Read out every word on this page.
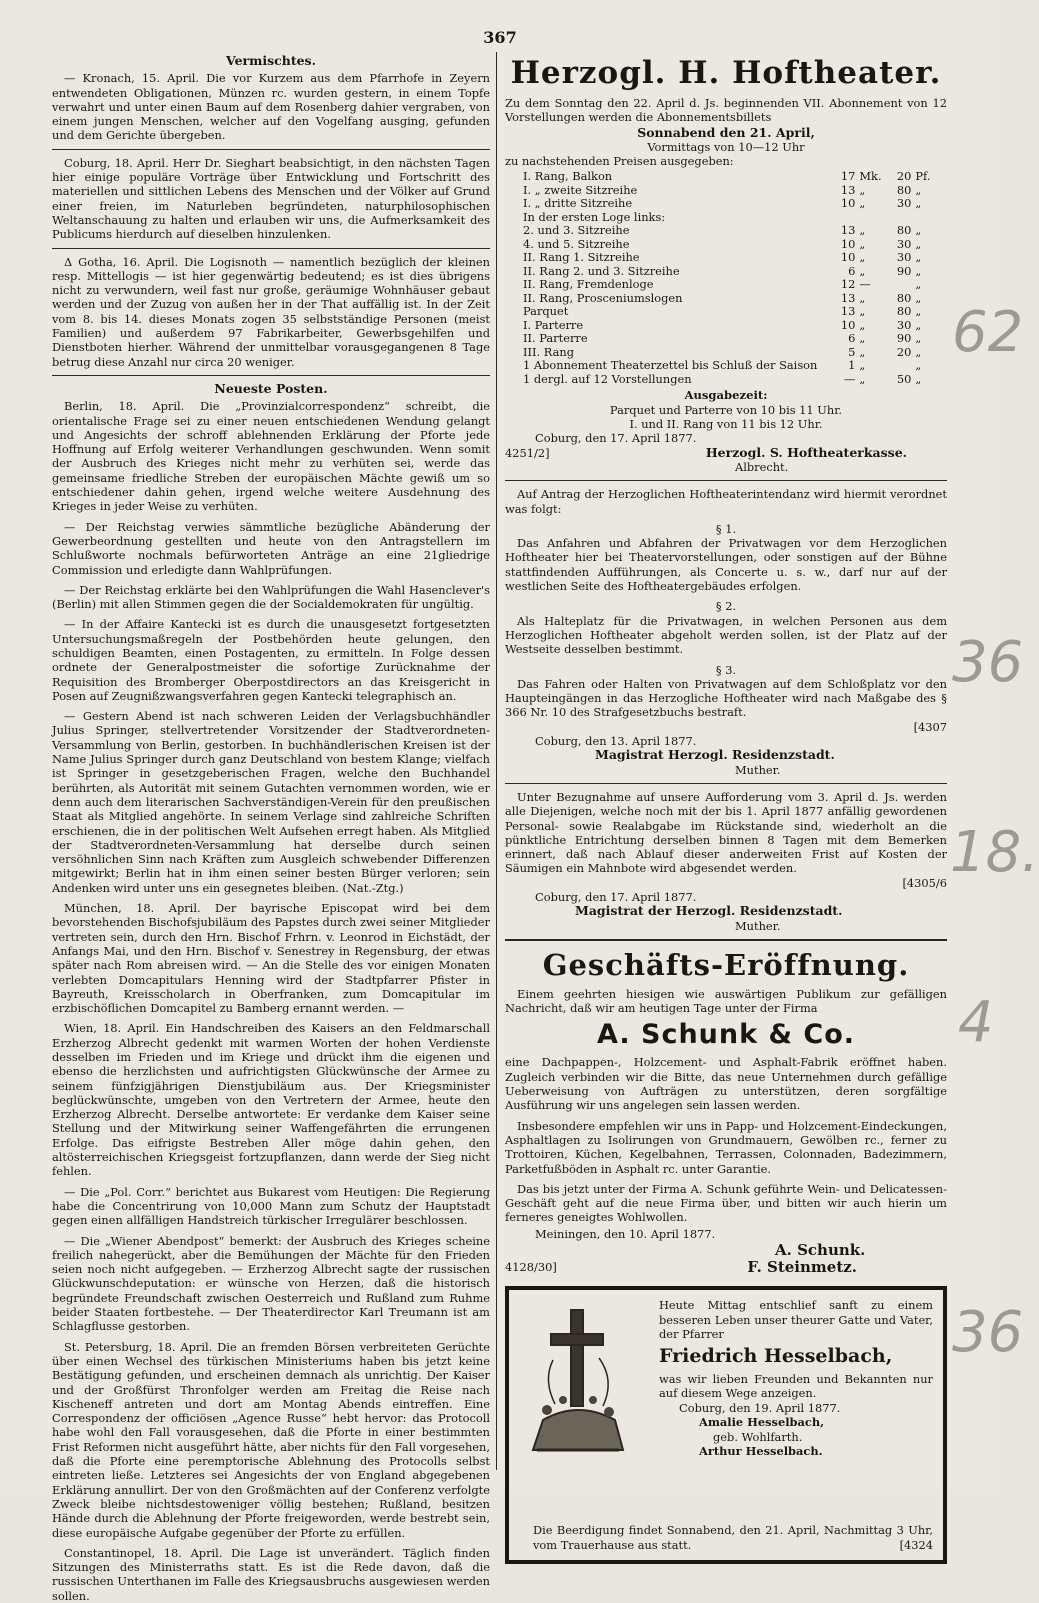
367
Vermischtes.

— Kronach, 15. April. Die vor Kurzem aus dem Pfarrhofe in Zeyern entwendeten Obligationen, Münzen rc. wurden gestern, in einem Topfe verwahrt und unter einen Baum auf dem Rosenberg dahier vergraben, von einem jungen Menschen, welcher auf den Vogelfang ausging, gefunden und dem Gerichte übergeben.

Coburg, 18. April. Herr Dr. Sieghart beabsichtigt, in den nächsten Tagen hier einige populäre Vorträge über Entwicklung und Fortschritt des materiellen und sittlichen Lebens des Menschen und der Völker auf Grund einer freien, im Naturleben begründeten, naturphilosophischen Weltanschauung zu halten und erlauben wir uns, die Aufmerksamkeit des Publicums hierdurch auf dieselben hinzulenken.

Δ Gotha, 16. April. Die Logisnoth — namentlich bezüglich der kleinen resp. Mittellogis — ist hier gegenwärtig bedeutend; es ist dies übrigens nicht zu verwundern, weil fast nur große, geräumige Wohnhäuser gebaut werden und der Zuzug von außen her in der That auffällig ist. In der Zeit vom 8. bis 14. dieses Monats zogen 35 selbstständige Personen (meist Familien) und außerdem 97 Fabrikarbeiter, Gewerbsgehilfen und Dienstboten hierher. Während der unmittelbar vorausgegangenen 8 Tage betrug diese Anzahl nur circa 20 weniger.

Neueste Posten.

Berlin, 18. April. Die „Provinzialcorrespondenz“ schreibt, die orientalische Frage sei zu einer neuen entschiedenen Wendung gelangt und Angesichts der schroff ablehnenden Erklärung der Pforte jede Hoffnung auf Erfolg weiterer Verhandlungen geschwunden. Wenn somit der Ausbruch des Krieges nicht mehr zu verhüten sei, werde das gemeinsame friedliche Streben der europäischen Mächte gewiß um so entschiedener dahin gehen, irgend welche weitere Ausdehnung des Krieges in jeder Weise zu verhüten.

— Der Reichstag verwies sämmtliche bezügliche Abänderung der Gewerbeordnung gestellten und heute von den Antragstellern im Schlußworte nochmals befürworteten Anträge an eine 21gliedrige Commission und erledigte dann Wahlprüfungen.

— Der Reichstag erklärte bei den Wahlprüfungen die Wahl Hasenclever's (Berlin) mit allen Stimmen gegen die der Socialdemokraten für ungültig.

— In der Affaire Kantecki ist es durch die unausgesetzt fortgesetzten Untersuchungsmaßregeln der Postbehörden heute gelungen, den schuldigen Beamten, einen Postagenten, zu ermitteln. In Folge dessen ordnete der Generalpostmeister die sofortige Zurücknahme der Requisition des Bromberger Oberpostdirectors an das Kreisgericht in Posen auf Zeugnißzwangsverfahren gegen Kantecki telegraphisch an.

— Gestern Abend ist nach schweren Leiden der Verlagsbuchhändler Julius Springer, stellvertretender Vorsitzender der Stadtverordneten-Versammlung von Berlin, gestorben. In buchhändlerischen Kreisen ist der Name Julius Springer durch ganz Deutschland von bestem Klange; vielfach ist Springer in gesetzgeberischen Fragen, welche den Buchhandel berührten, als Autorität mit seinem Gutachten vernommen worden, wie er denn auch dem literarischen Sachverständigen-Verein für den preußischen Staat als Mitglied angehörte. In seinem Verlage sind zahlreiche Schriften erschienen, die in der politischen Welt Aufsehen erregt haben. Als Mitglied der Stadtverordneten-Versammlung hat derselbe durch seinen versöhnlichen Sinn nach Kräften zum Ausgleich schwebender Differenzen mitgewirkt; Berlin hat in ihm einen seiner besten Bürger verloren; sein Andenken wird unter uns ein gesegnetes bleiben. (Nat.-Ztg.)

München, 18. April. Der bayrische Episcopat wird bei dem bevorstehenden Bischofsjubiläum des Papstes durch zwei seiner Mitglieder vertreten sein, durch den Hrn. Bischof Frhrn. v. Leonrod in Eichstädt, der Anfangs Mai, und den Hrn. Bischof v. Senestrey in Regensburg, der etwas später nach Rom abreisen wird. — An die Stelle des vor einigen Monaten verlebten Domcapitulars Henning wird der Stadtpfarrer Pfister in Bayreuth, Kreisscholarch in Oberfranken, zum Domcapitular im erzbischöflichen Domcapitel zu Bamberg ernannt werden. —

Wien, 18. April. Ein Handschreiben des Kaisers an den Feldmarschall Erzherzog Albrecht gedenkt mit warmen Worten der hohen Verdienste desselben im Frieden und im Kriege und drückt ihm die eigenen und ebenso die herzlichsten und aufrichtigsten Glückwünsche der Armee zu seinem fünfzigjährigen Dienstjubiläum aus. Der Kriegsminister beglückwünschte, umgeben von den Vertretern der Armee, heute den Erzherzog Albrecht. Derselbe antwortete: Er verdanke dem Kaiser seine Stellung und der Mitwirkung seiner Waffengefährten die errungenen Erfolge. Das eifrigste Bestreben Aller möge dahin gehen, den altösterreichischen Kriegsgeist fortzupflanzen, dann werde der Sieg nicht fehlen.

— Die „Pol. Corr.“ berichtet aus Bukarest vom Heutigen: Die Regierung habe die Concentrirung von 10,000 Mann zum Schutz der Hauptstadt gegen einen allfälligen Handstreich türkischer Irregulärer beschlossen.

— Die „Wiener Abendpost“ bemerkt: der Ausbruch des Krieges scheine freilich nahegerückt, aber die Bemühungen der Mächte für den Frieden seien noch nicht aufgegeben. — Erzherzog Albrecht sagte der russischen Glückwunschdeputation: er wünsche von Herzen, daß die historisch begründete Freundschaft zwischen Oesterreich und Rußland zum Ruhme beider Staaten fortbestehe. — Der Theaterdirector Karl Treumann ist am Schlagflusse gestorben.

St. Petersburg, 18. April. Die an fremden Börsen verbreiteten Gerüchte über einen Wechsel des türkischen Ministeriums haben bis jetzt keine Bestätigung gefunden, und erscheinen demnach als unrichtig. Der Kaiser und der Großfürst Thronfolger werden am Freitag die Reise nach Kischeneff antreten und dort am Montag Abends eintreffen. Eine Correspondenz der officiösen „Agence Russe“ hebt hervor: das Protocoll habe wohl den Fall vorausgesehen, daß die Pforte in einer bestimmten Frist Reformen nicht ausgeführt hätte, aber nichts für den Fall vorgesehen, daß die Pforte eine peremptorische Ablehnung des Protocolls selbst eintreten ließe. Letzteres sei Angesichts der von England abgegebenen Erklärung annullirt. Der von den Großmächten auf der Conferenz verfolgte Zweck bleibe nichtsdestoweniger völlig bestehen; Rußland, besitzen Hände durch die Ablehnung der Pforte freigeworden, werde bestrebt sein, diese europäische Aufgabe gegenüber der Pforte zu erfüllen.

Constantinopel, 18. April. Die Lage ist unverändert. Täglich finden Sitzungen des Ministerraths statt. Es ist die Rede davon, daß die russischen Unterthanen im Falle des Kriegsausbruchs ausgewiesen werden sollen.

Herzogl. H. Hoftheater.

Zu dem Sonntag den 22. April d. Js. beginnenden VII. Abonnement von 12 Vorstellungen werden die Abonnementsbillets

Sonnabend den 21. April,
Vormittags von 10—12 Uhr
zu nachstehenden Preisen ausgegeben:
I. Rang, Balkon	17	Mk.	20	Pf.
I. „ zweite Sitzreihe	13	„	80	„
I. „ dritte Sitzreihe	10	„	30	„
In der ersten Loge links:				
2. und 3. Sitzreihe	13	„	80	„
4. und 5. Sitzreihe	10	„	30	„
II. Rang 1. Sitzreihe	10	„	30	„
II. Rang 2. und 3. Sitzreihe	6	„	90	„
II. Rang, Fremdenloge	12	—		„
II. Rang, Prosceniumslogen	13	„	80	„
Parquet	13	„	80	„
I. Parterre	10	„	30	„
II. Parterre	6	„	90	„
III. Rang	5	„	20	„
1 Abonnement Theaterzettel bis Schluß der Saison	1	„		„
1 dergl. auf 12 Vorstellungen	—	„	50	„
Ausgabezeit:
Parquet und Parterre von 10 bis 11 Uhr.
I. und II. Rang von 11 bis 12 Uhr.
Coburg, den 17. April 1877.
4251/2]	Herzogl. S. Hoftheaterkasse.
Albrecht.

Auf Antrag der Herzoglichen Hoftheaterintendanz wird hiermit verordnet was folgt:

§ 1.

Das Anfahren und Abfahren der Privatwagen vor dem Herzoglichen Hoftheater hier bei Theatervorstellungen, oder sonstigen auf der Bühne stattfindenden Aufführungen, als Concerte u. s. w., darf nur auf der westlichen Seite des Hoftheatergebäudes erfolgen.

§ 2.

Als Halteplatz für die Privatwagen, in welchen Personen aus dem Herzoglichen Hoftheater abgeholt werden sollen, ist der Platz auf der Westseite desselben bestimmt.

§ 3.

Das Fahren oder Halten von Privatwagen auf dem Schloßplatz vor den Haupteingängen in das Herzogliche Hoftheater wird nach Maßgabe des § 366 Nr. 10 des Strafgesetzbuchs bestraft.

[4307
Coburg, den 13. April 1877.
Magistrat Herzogl. Residenzstadt.
Muther.

Unter Bezugnahme auf unsere Aufforderung vom 3. April d. Js. werden alle Diejenigen, welche noch mit der bis 1. April 1877 anfällig gewordenen Personal- sowie Realabgabe im Rückstande sind, wiederholt an die pünktliche Entrichtung derselben binnen 8 Tagen mit dem Bemerken erinnert, daß nach Ablauf dieser anderweiten Frist auf Kosten der Säumigen ein Mahnbote wird abgesendet werden.

[4305/6
Coburg, den 17. April 1877.
Magistrat der Herzogl. Residenzstadt.
Muther.
Geschäfts-Eröffnung.

Einem geehrten hiesigen wie auswärtigen Publikum zur gefälligen Nachricht, daß wir am heutigen Tage unter der Firma

A. Schunk & Co.

eine Dachpappen-, Holzcement- und Asphalt-Fabrik eröffnet haben. Zugleich verbinden wir die Bitte, das neue Unternehmen durch gefällige Ueberweisung von Aufträgen zu unterstützen, deren sorgfältige Ausführung wir uns angelegen sein lassen werden.

Insbesondere empfehlen wir uns in Papp- und Holzcement-Eindeckungen, Asphaltlagen zu Isolirungen von Grundmauern, Gewölben rc., ferner zu Trottoiren, Küchen, Kegelbahnen, Terrassen, Colonnaden, Badezimmern, Parketfußböden in Asphalt rc. unter Garantie.

Das bis jetzt unter der Firma A. Schunk geführte Wein- und Delicatessen-Geschäft geht auf die neue Firma über, und bitten wir auch hierin um ferneres geneigtes Wohlwollen.

Meiningen, den 10. April 1877.
A. Schunk.
4128/30]	F. Steinmetz.
Heute Mittag entschlief sanft zu einem besseren Leben unser theurer Gatte und Vater, der Pfarrer
Friedrich Hesselbach,
was wir lieben Freunden und Bekannten nur auf diesem Wege anzeigen.
Coburg, den 19. April 1877.
Amalie Hesselbach,
geb. Wohlfarth.
Arthur Hesselbach.
Die Beerdigung findet Sonnabend, den 21. April, Nachmittag 3 Uhr, vom Trauerhause aus statt.	[4324
62
36
18.
4
36
